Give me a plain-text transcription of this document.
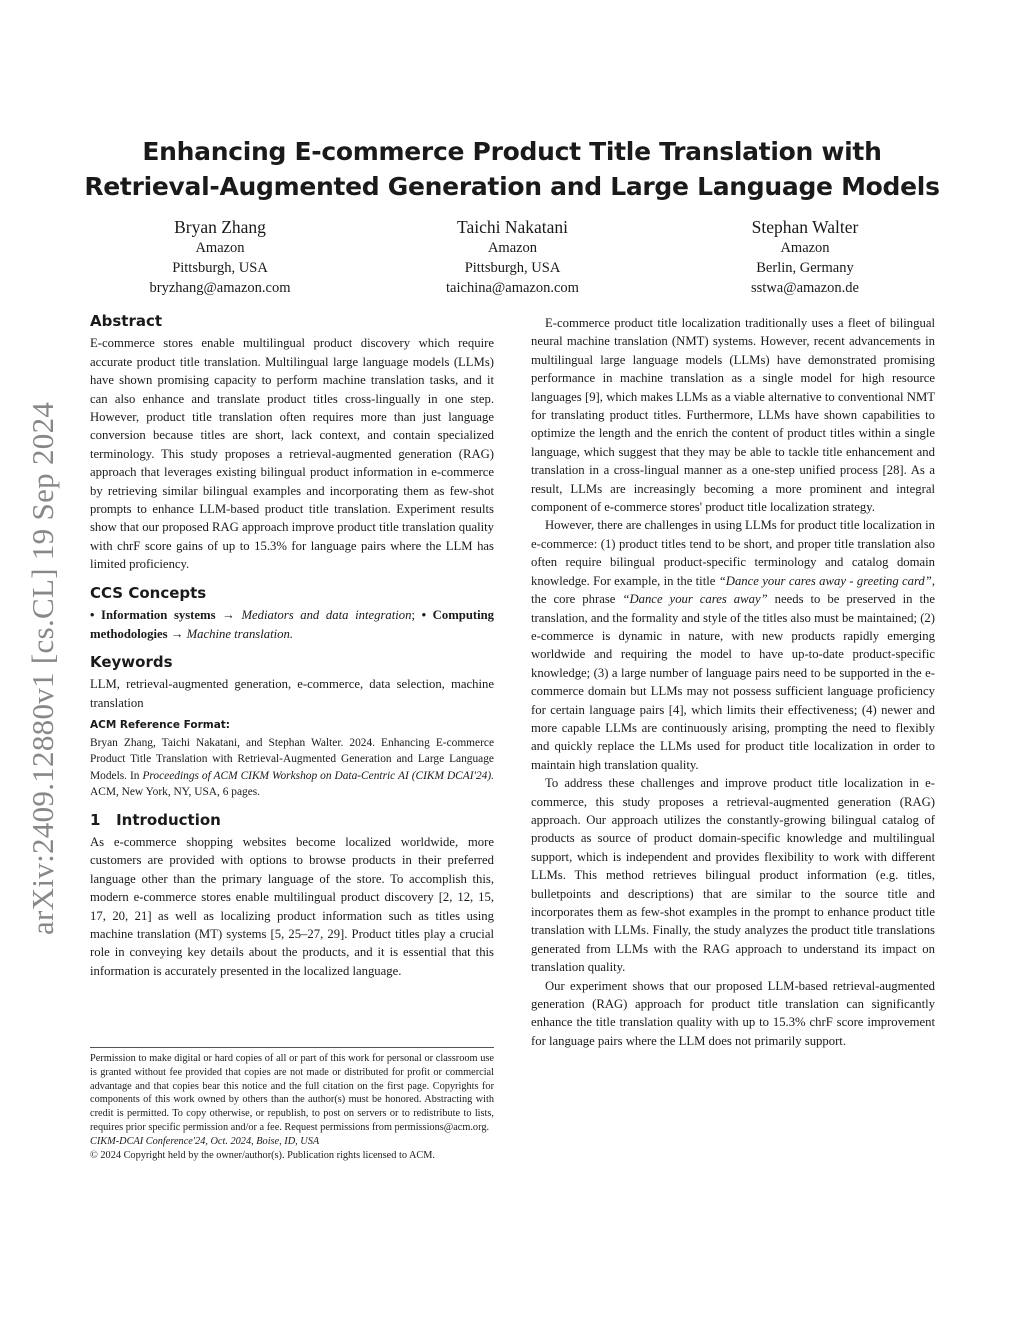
arXiv:2409.12880v1 [cs.CL] 19 Sep 2024
Enhancing E-commerce Product Title Translation with
Retrieval-Augmented Generation and Large Language Models
Bryan Zhang
Amazon
Pittsburgh, USA
bryzhang@amazon.com
Taichi Nakatani
Amazon
Pittsburgh, USA
taichina@amazon.com
Stephan Walter
Amazon
Berlin, Germany
sstwa@amazon.de
Abstract

E-commerce stores enable multilingual product discovery which require accurate product title translation. Multilingual large language models (LLMs) have shown promising capacity to perform machine translation tasks, and it can also enhance and translate product titles cross-lingually in one step. However, product title translation often requires more than just language conversion because titles are short, lack context, and contain specialized terminology. This study proposes a retrieval-augmented generation (RAG) approach that leverages existing bilingual product information in e-commerce by retrieving similar bilingual examples and incorporating them as few-shot prompts to enhance LLM-based product title translation. Experiment results show that our proposed RAG approach improve product title translation quality with chrF score gains of up to 15.3% for language pairs where the LLM has limited proficiency.

CCS Concepts

• Information systems → Mediators and data integration; • Computing methodologies → Machine translation.

Keywords

LLM, retrieval-augmented generation, e-commerce, data selection, machine translation

ACM Reference Format:

Bryan Zhang, Taichi Nakatani, and Stephan Walter. 2024. Enhancing E-commerce Product Title Translation with Retrieval-Augmented Generation and Large Language Models. In Proceedings of ACM CIKM Workshop on Data-Centric AI (CIKM DCAI'24). ACM, New York, NY, USA, 6 pages.

1   Introduction

As e-commerce shopping websites become localized worldwide, more customers are provided with options to browse products in their preferred language other than the primary language of the store. To accomplish this, modern e-commerce stores enable multilingual product discovery [2, 12, 15, 17, 20, 21] as well as localizing product information such as titles using machine translation (MT) systems [5, 25–27, 29]. Product titles play a crucial role in conveying key details about the products, and it is essential that this information is accurately presented in the localized language.

Permission to make digital or hard copies of all or part of this work for personal or classroom use is granted without fee provided that copies are not made or distributed for profit or commercial advantage and that copies bear this notice and the full citation on the first page. Copyrights for components of this work owned by others than the author(s) must be honored. Abstracting with credit is permitted. To copy otherwise, or republish, to post on servers or to redistribute to lists, requires prior specific permission and/or a fee. Request permissions from permissions@acm.org.

CIKM-DCAI Conference'24, Oct. 2024, Boise, ID, USA

© 2024 Copyright held by the owner/author(s). Publication rights licensed to ACM.

E-commerce product title localization traditionally uses a fleet of bilingual neural machine translation (NMT) systems. However, recent advancements in multilingual large language models (LLMs) have demonstrated promising performance in machine translation as a single model for high resource languages [9], which makes LLMs as a viable alternative to conventional NMT for translating product titles. Furthermore, LLMs have shown capabilities to optimize the length and the enrich the content of product titles within a single language, which suggest that they may be able to tackle title enhancement and translation in a cross-lingual manner as a one-step unified process [28]. As a result, LLMs are increasingly becoming a more prominent and integral component of e-commerce stores' product title localization strategy.

However, there are challenges in using LLMs for product title localization in e-commerce: (1) product titles tend to be short, and proper title translation also often require bilingual product-specific terminology and catalog domain knowledge. For example, in the title “Dance your cares away - greeting card”, the core phrase “Dance your cares away” needs to be preserved in the translation, and the formality and style of the titles also must be maintained; (2) e-commerce is dynamic in nature, with new products rapidly emerging worldwide and requiring the model to have up-to-date product-specific knowledge; (3) a large number of language pairs need to be supported in the e-commerce domain but LLMs may not possess sufficient language proficiency for certain language pairs [4], which limits their effectiveness; (4) newer and more capable LLMs are continuously arising, prompting the need to flexibly and quickly replace the LLMs used for product title localization in order to maintain high translation quality.

To address these challenges and improve product title localization in e-commerce, this study proposes a retrieval-augmented generation (RAG) approach. Our approach utilizes the constantly-growing bilingual catalog of products as source of product domain-specific knowledge and multilingual support, which is independent and provides flexibility to work with different LLMs. This method retrieves bilingual product information (e.g. titles, bulletpoints and descriptions) that are similar to the source title and incorporates them as few-shot examples in the prompt to enhance product title translation with LLMs. Finally, the study analyzes the product title translations generated from LLMs with the RAG approach to understand its impact on translation quality.

Our experiment shows that our proposed LLM-based retrieval-augmented generation (RAG) approach for product title translation can significantly enhance the title translation quality with up to 15.3% chrF score improvement for language pairs where the LLM does not primarily support.
